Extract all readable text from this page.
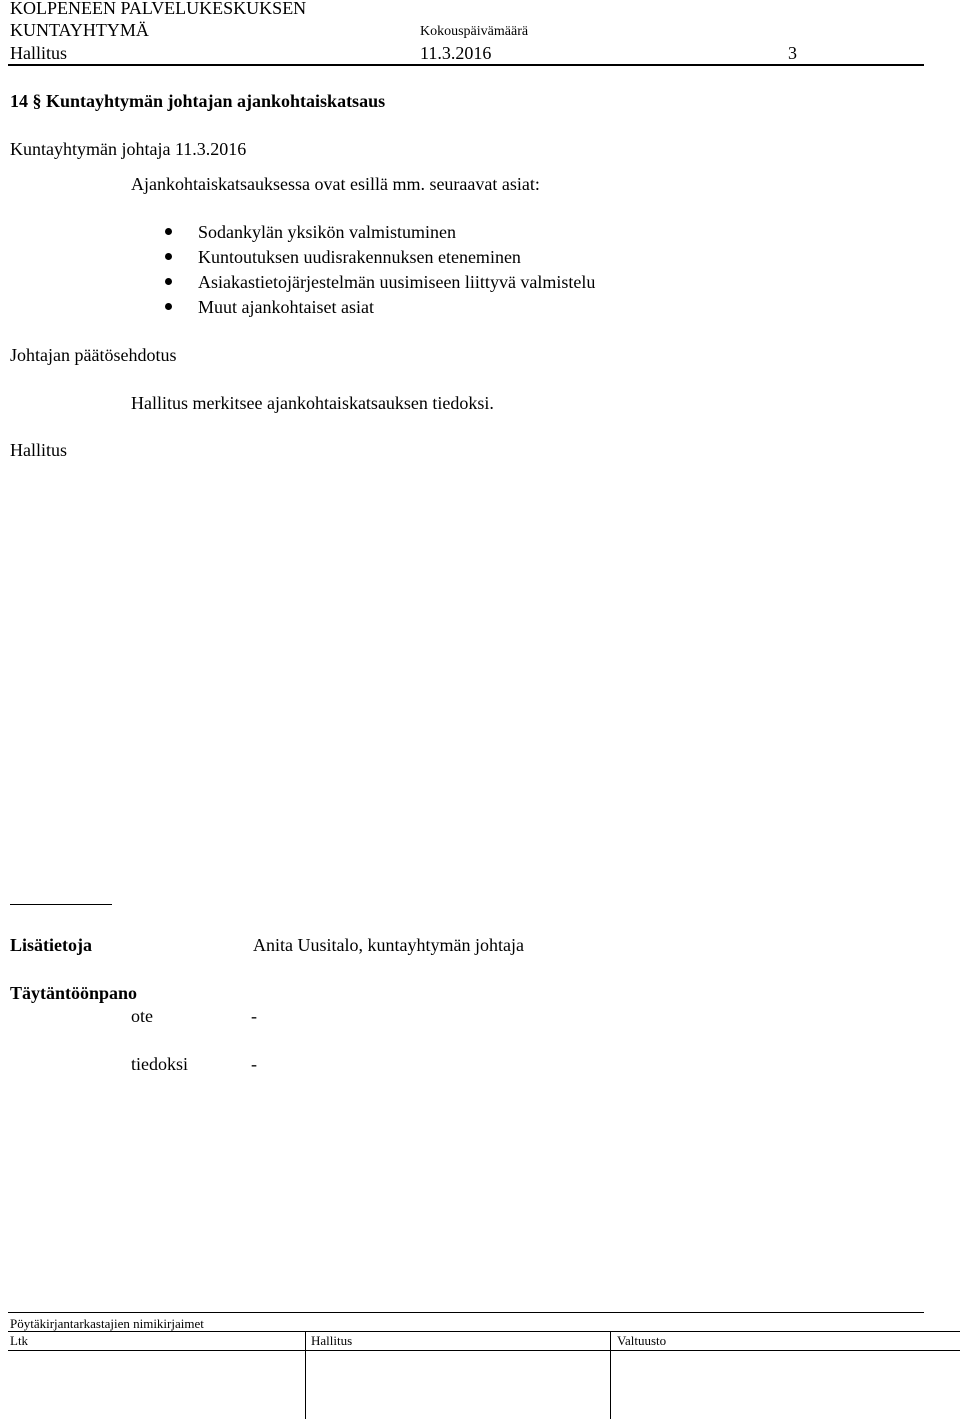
KOLPENEEN PALVELUKESKUKSEN
KUNTAYHTYMÄ	Kokouspäivämäärä
Hallitus	11.3.2016	3
14 § Kuntayhtymän johtajan ajankohtaiskatsaus
Kuntayhtymän johtaja 11.3.2016
Ajankohtaiskatsauksessa ovat esillä mm. seuraavat asiat:
Sodankylän yksikön valmistuminen
Kuntoutuksen uudisrakennuksen eteneminen
Asiakastietojärjestelmän uusimiseen liittyvä valmistelu
Muut ajankohtaiset asiat
Johtajan päätösehdotus
Hallitus merkitsee ajankohtaiskatsauksen tiedoksi.
Hallitus
Lisätietoja	Anita Uusitalo, kuntayhtymän johtaja
Täytäntöönpano
ote	-
tiedoksi	-
Pöytäkirjantarkastajien nimikirjaimet
Ltk	Hallitus	Valtuusto
